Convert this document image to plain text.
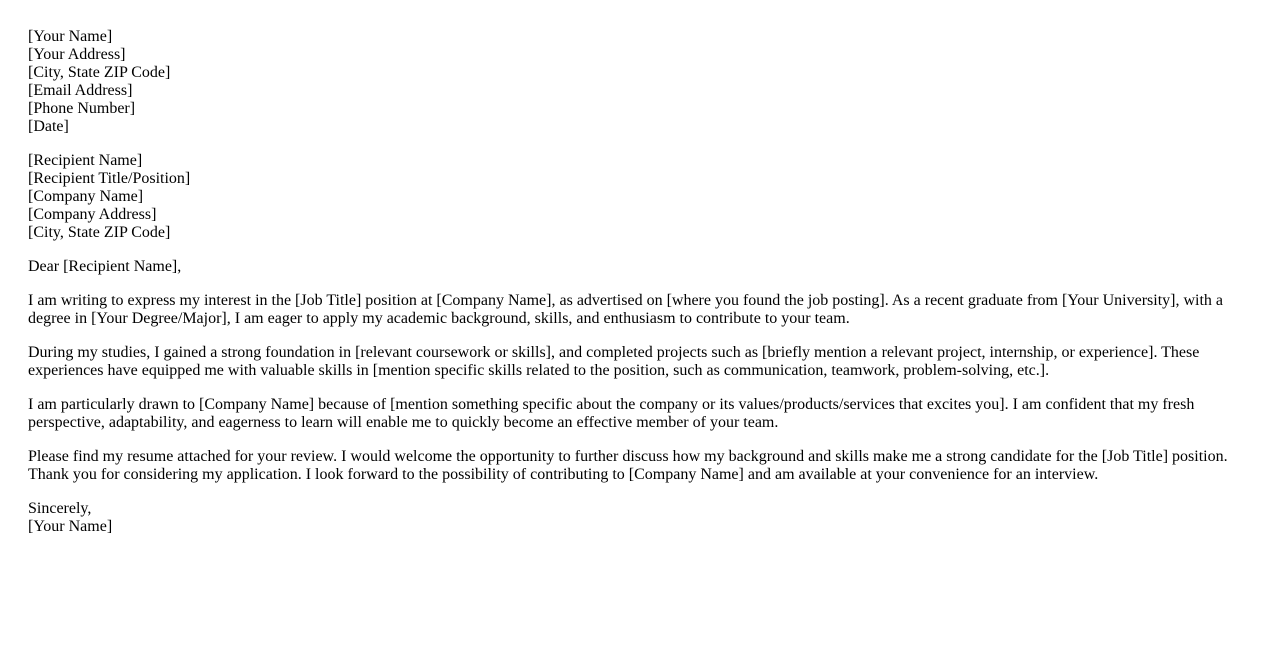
[Your Name]
[Your Address]
[City, State ZIP Code]
[Email Address]
[Phone Number]
[Date]
[Recipient Name]
[Recipient Title/Position]
[Company Name]
[Company Address]
[City, State ZIP Code]

Dear [Recipient Name],

I am writing to express my interest in the [Job Title] position at [Company Name], as advertised on [where you found the job posting]. As a recent graduate from [Your University], with a degree in [Your Degree/Major], I am eager to apply my academic background, skills, and enthusiasm to contribute to your team.

During my studies, I gained a strong foundation in [relevant coursework or skills], and completed projects such as [briefly mention a relevant project, internship, or experience]. These experiences have equipped me with valuable skills in [mention specific skills related to the position, such as communication, teamwork, problem-solving, etc.].

I am particularly drawn to [Company Name] because of [mention something specific about the company or its values/products/services that excites you]. I am confident that my fresh perspective, adaptability, and eagerness to learn will enable me to quickly become an effective member of your team.

Please find my resume attached for your review. I would welcome the opportunity to further discuss how my background and skills make me a strong candidate for the [Job Title] position. Thank you for considering my application. I look forward to the possibility of contributing to [Company Name] and am available at your convenience for an interview.

Sincerely,
[Your Name]
